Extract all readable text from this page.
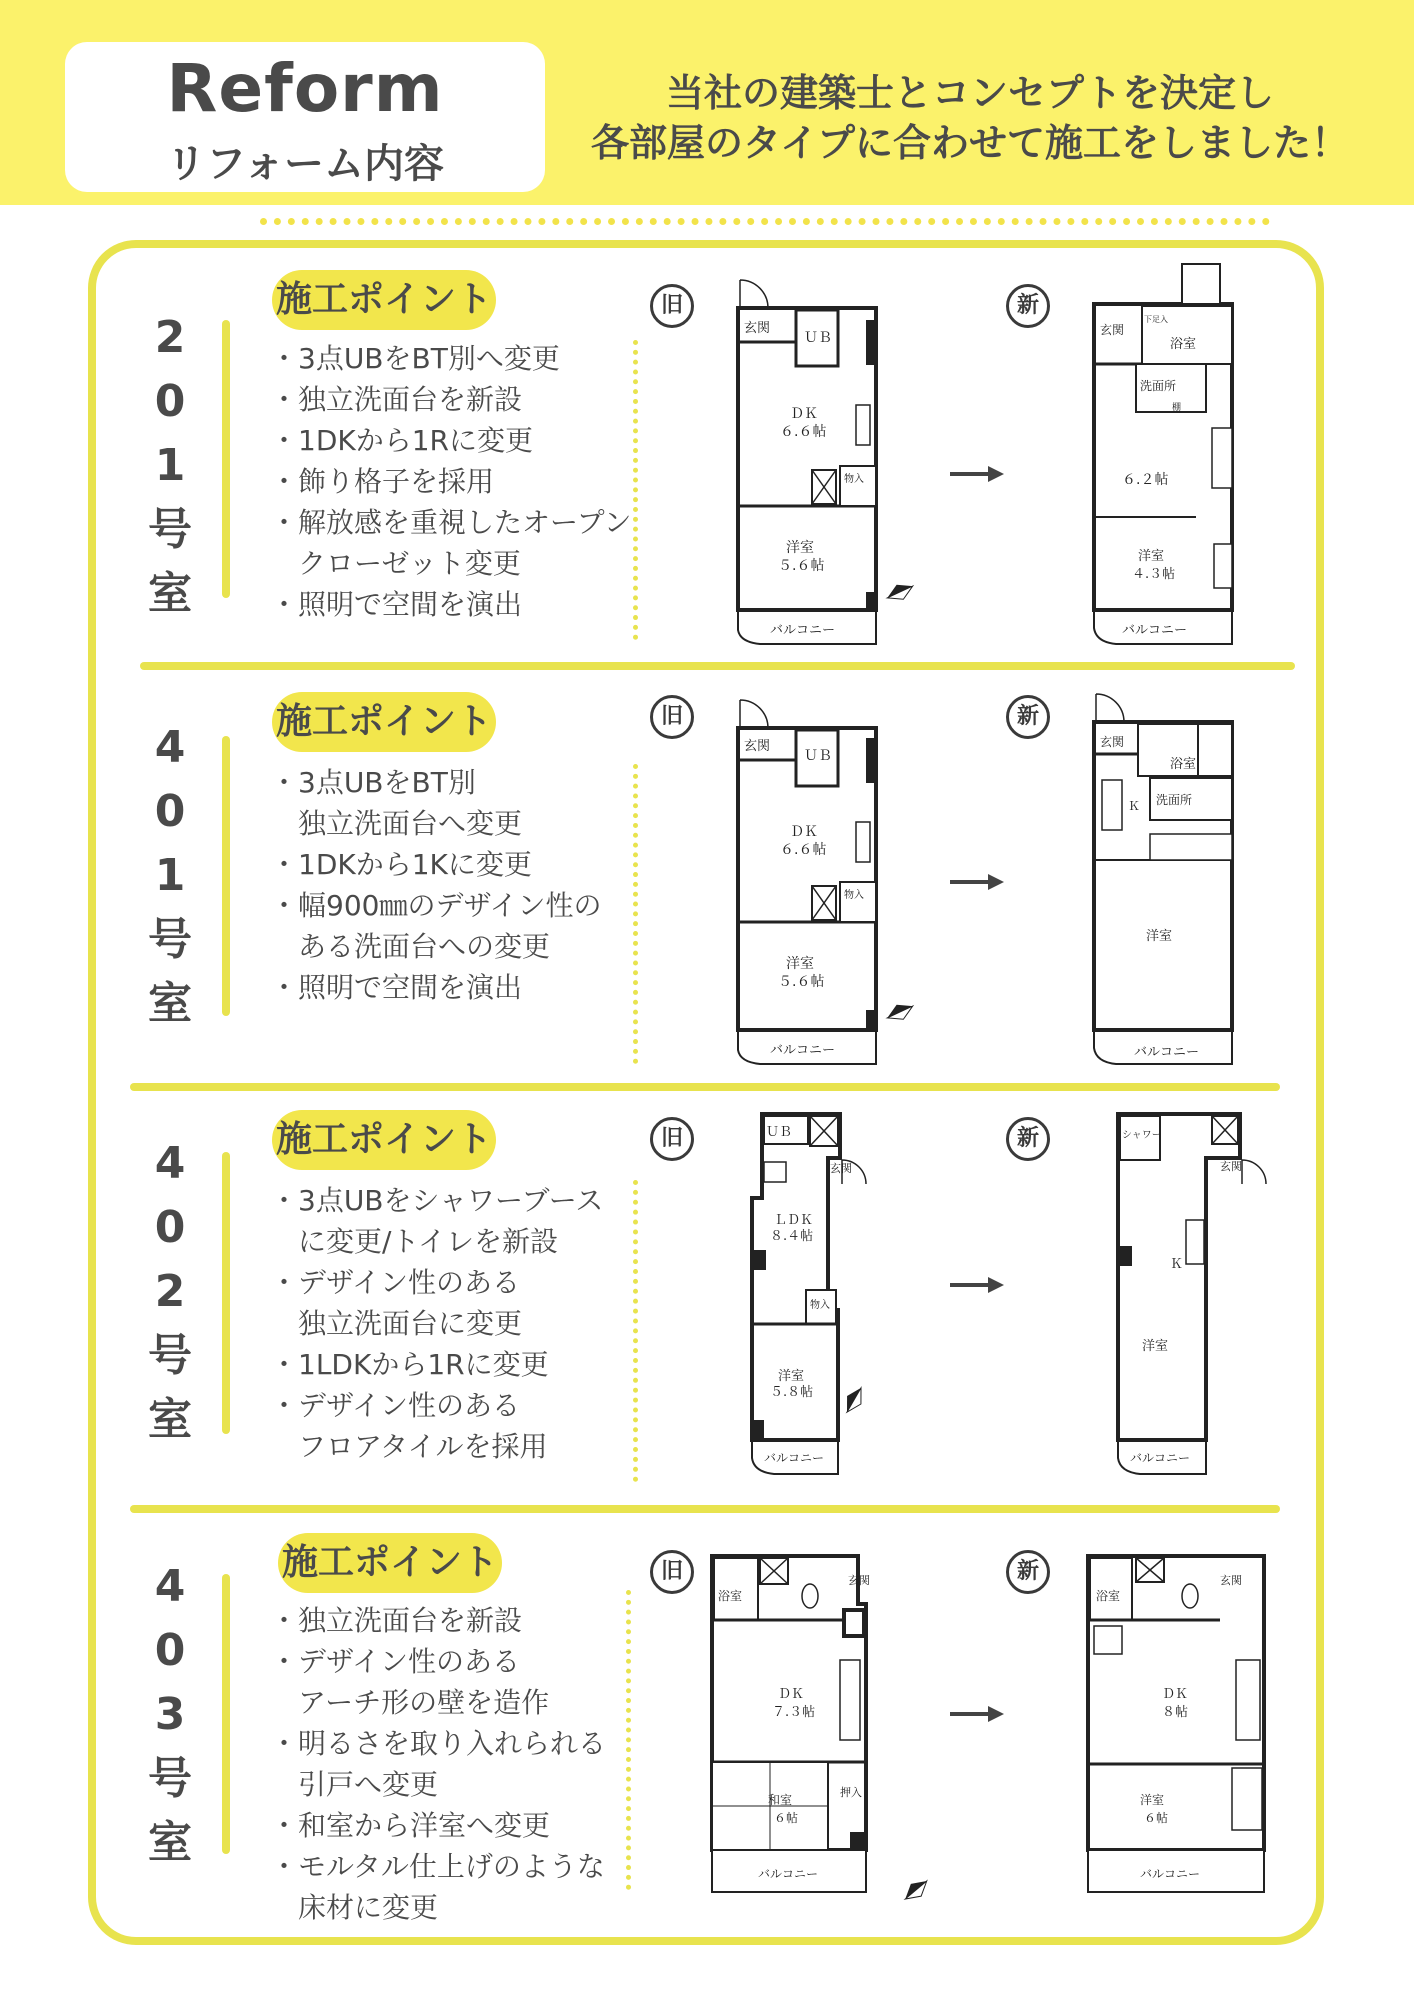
Reform
リフォーム内容
当社の建築士とコンセプトを決定し
各部屋のタイプに合わせて施工をしました！
2
0
1
号
室
施工ポイント
・3点UBをBT別へ変更
・独立洗面台を新設
・1DKから1Rに変更
・飾り格子を採用
・解放感を重視したオープン
　クローゼット変更
・照明で空間を演出
旧	新
玄関
ＵＢ
ＤＫ
６.６帖
物入
洋室
５.６帖
バルコニー
玄関
下足入
浴室
洗面所
棚
６.２帖
洋室
４.３帖
バルコニー
4
0
1
号
室
施工ポイント
・3点UBをBT別
　独立洗面台へ変更
・1DKから1Kに変更
・幅900㎜のデザイン性の
　ある洗面台への変更
・照明で空間を演出
旧	新
玄関
ＵＢ
ＤＫ
６.６帖
物入
洋室
５.６帖
バルコニー
玄関
浴室
洗面所
Ｋ
洋室
バルコニー
4
0
2
号
室
施工ポイント
・3点UBをシャワーブース
　に変更/トイレを新設
・デザイン性のある
　独立洗面台に変更
・1LDKから1Rに変更
・デザイン性のある
　フロアタイルを採用
旧	新
ＵＢ
玄関
ＬＤＫ
８.４帖
物入
洋室
５.８帖
バルコニー
シャワー
玄関
Ｋ
洋室
バルコニー
4
0
3
号
室
施工ポイント
・独立洗面台を新設
・デザイン性のある
　アーチ形の壁を造作
・明るさを取り入れられる
　引戸へ変更
・和室から洋室へ変更
・モルタル仕上げのような
　床材に変更
旧	新
浴室
玄関
ＤＫ
７.３帖
押入
和室
６帖
バルコニー
浴室
玄関
ＤＫ
８帖
洋室
６帖
バルコニー
